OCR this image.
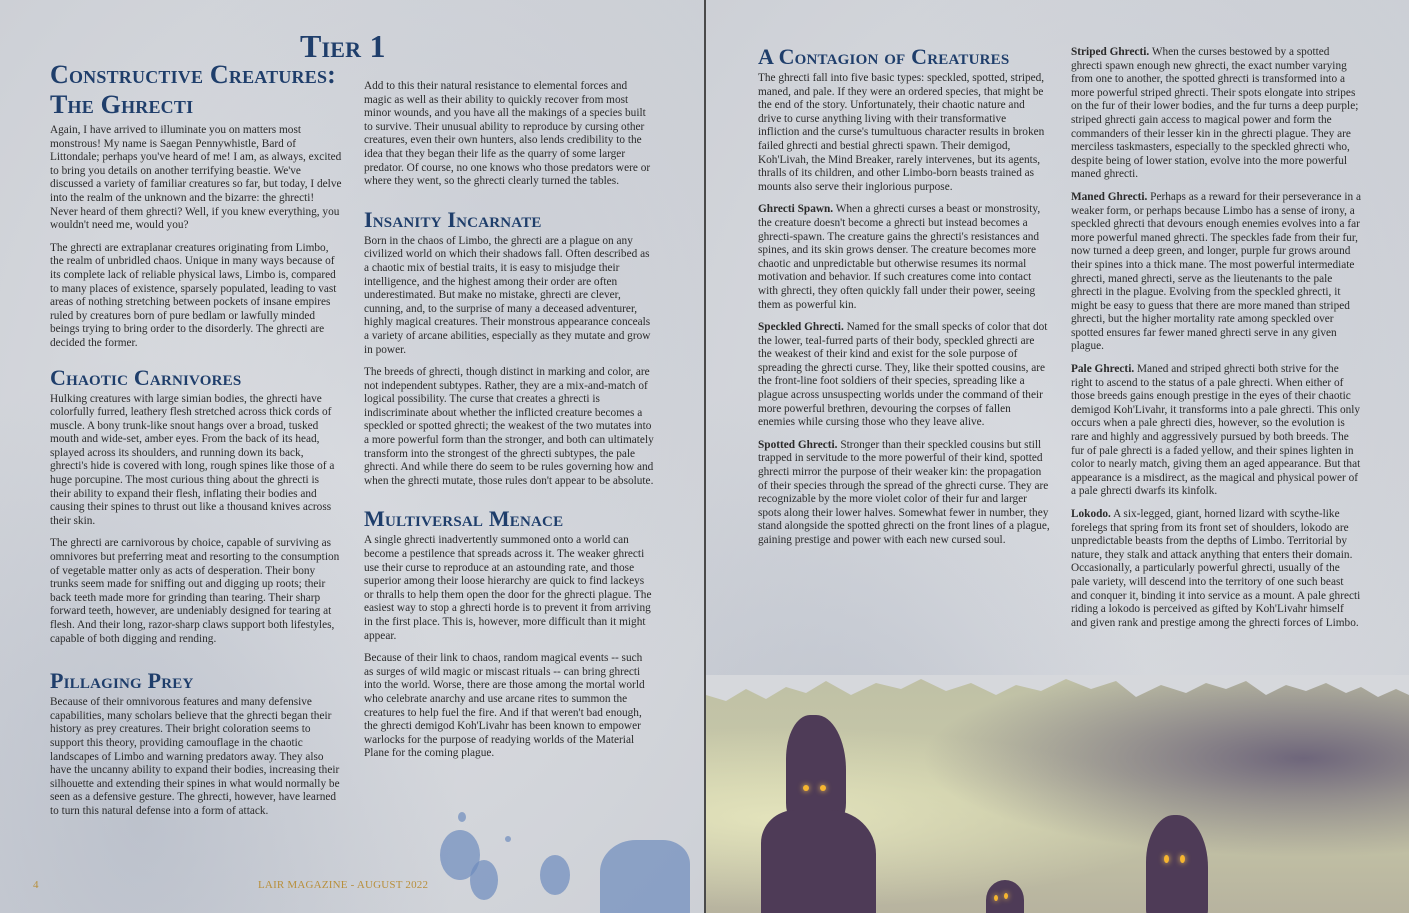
Tier 1
Constructive Creatures: The Ghrecti

Again, I have arrived to illuminate you on matters most monstrous! My name is Saegan Pennywhistle, Bard of Littondale; perhaps you've heard of me! I am, as always, excited to bring you details on another terrifying beastie. We've discussed a variety of familiar creatures so far, but today, I delve into the realm of the unknown and the bizarre: the ghrecti! Never heard of them ghrecti? Well, if you knew everything, you wouldn't need me, would you?

The ghrecti are extraplanar creatures originating from Limbo, the realm of unbridled chaos. Unique in many ways because of its complete lack of reliable physical laws, Limbo is, compared to many places of existence, sparsely populated, leading to vast areas of nothing stretching between pockets of insane empires ruled by creatures born of pure bedlam or lawfully minded beings trying to bring order to the disorderly. The ghrecti are decided the former.

Chaotic Carnivores

Hulking creatures with large simian bodies, the ghrecti have colorfully furred, leathery flesh stretched across thick cords of muscle. A bony trunk-like snout hangs over a broad, tusked mouth and wide-set, amber eyes. From the back of its head, splayed across its shoulders, and running down its back, ghrecti's hide is covered with long, rough spines like those of a huge porcupine. The most curious thing about the ghrecti is their ability to expand their flesh, inflating their bodies and causing their spines to thrust out like a thousand knives across their skin.

The ghrecti are carnivorous by choice, capable of surviving as omnivores but preferring meat and resorting to the consumption of vegetable matter only as acts of desperation. Their bony trunks seem made for sniffing out and digging up roots; their back teeth made more for grinding than tearing. Their sharp forward teeth, however, are undeniably designed for tearing at flesh. And their long, razor-sharp claws support both lifestyles, capable of both digging and rending.

Pillaging Prey

Because of their omnivorous features and many defensive capabilities, many scholars believe that the ghrecti began their history as prey creatures. Their bright coloration seems to support this theory, providing camouflage in the chaotic landscapes of Limbo and warning predators away. They also have the uncanny ability to expand their bodies, increasing their silhouette and extending their spines in what would normally be seen as a defensive gesture. The ghrecti, however, have learned to turn this natural defense into a form of attack.

Add to this their natural resistance to elemental forces and magic as well as their ability to quickly recover from most minor wounds, and you have all the makings of a species built to survive. Their unusual ability to reproduce by cursing other creatures, even their own hunters, also lends credibility to the idea that they began their life as the quarry of some larger predator. Of course, no one knows who those predators were or where they went, so the ghrecti clearly turned the tables.

Insanity Incarnate

Born in the chaos of Limbo, the ghrecti are a plague on any civilized world on which their shadows fall. Often described as a chaotic mix of bestial traits, it is easy to misjudge their intelligence, and the highest among their order are often underestimated. But make no mistake, ghrecti are clever, cunning, and, to the surprise of many a deceased adventurer, highly magical creatures. Their monstrous appearance conceals a variety of arcane abilities, especially as they mutate and grow in power.

The breeds of ghrecti, though distinct in marking and color, are not independent subtypes. Rather, they are a mix-and-match of logical possibility. The curse that creates a ghrecti is indiscriminate about whether the inflicted creature becomes a speckled or spotted ghrecti; the weakest of the two mutates into a more powerful form than the stronger, and both can ultimately transform into the strongest of the ghrecti subtypes, the pale ghrecti. And while there do seem to be rules governing how and when the ghrecti mutate, those rules don't appear to be absolute.

Multiversal Menace

A single ghrecti inadvertently summoned onto a world can become a pestilence that spreads across it. The weaker ghrecti use their curse to reproduce at an astounding rate, and those superior among their loose hierarchy are quick to find lackeys or thralls to help them open the door for the ghrecti plague. The easiest way to stop a ghrecti horde is to prevent it from arriving in the first place. This is, however, more difficult than it might appear.

Because of their link to chaos, random magical events -- such as surges of wild magic or miscast rituals -- can bring ghrecti into the world. Worse, there are those among the mortal world who celebrate anarchy and use arcane rites to summon the creatures to help fuel the fire. And if that weren't bad enough, the ghrecti demigod Koh'Livahr has been known to empower warlocks for the purpose of readying worlds of the Material Plane for the coming plague.

4	LAIR MAGAZINE - AUGUST 2022
A Contagion of Creatures

The ghrecti fall into five basic types: speckled, spotted, striped, maned, and pale. If they were an ordered species, that might be the end of the story. Unfortunately, their chaotic nature and drive to curse anything living with their transformative infliction and the curse's tumultuous character results in broken failed ghrecti and bestial ghrecti spawn. Their demigod, Koh'Livah, the Mind Breaker, rarely intervenes, but its agents, thralls of its children, and other Limbo-born beasts trained as mounts also serve their inglorious purpose.

Ghrecti Spawn. When a ghrecti curses a beast or monstrosity, the creature doesn't become a ghrecti but instead becomes a ghrecti-spawn. The creature gains the ghrecti's resistances and spines, and its skin grows denser. The creature becomes more chaotic and unpredictable but otherwise resumes its normal motivation and behavior. If such creatures come into contact with ghrecti, they often quickly fall under their power, seeing them as powerful kin.

Speckled Ghrecti. Named for the small specks of color that dot the lower, teal-furred parts of their body, speckled ghrecti are the weakest of their kind and exist for the sole purpose of spreading the ghrecti curse. They, like their spotted cousins, are the front-line foot soldiers of their species, spreading like a plague across unsuspecting worlds under the command of their more powerful brethren, devouring the corpses of fallen enemies while cursing those who they leave alive.

Spotted Ghrecti. Stronger than their speckled cousins but still trapped in servitude to the more powerful of their kind, spotted ghrecti mirror the purpose of their weaker kin: the propagation of their species through the spread of the ghrecti curse. They are recognizable by the more violet color of their fur and larger spots along their lower halves. Somewhat fewer in number, they stand alongside the spotted ghrecti on the front lines of a plague, gaining prestige and power with each new cursed soul.

Striped Ghrecti. When the curses bestowed by a spotted ghrecti spawn enough new ghrecti, the exact number varying from one to another, the spotted ghrecti is transformed into a more powerful striped ghrecti. Their spots elongate into stripes on the fur of their lower bodies, and the fur turns a deep purple; striped ghrecti gain access to magical power and form the commanders of their lesser kin in the ghrecti plague. They are merciless taskmasters, especially to the speckled ghrecti who, despite being of lower station, evolve into the more powerful maned ghrecti.

Maned Ghrecti. Perhaps as a reward for their perseverance in a weaker form, or perhaps because Limbo has a sense of irony, a speckled ghrecti that devours enough enemies evolves into a far more powerful maned ghrecti. The speckles fade from their fur, now turned a deep green, and longer, purple fur grows around their spines into a thick mane. The most powerful intermediate ghrecti, maned ghrecti, serve as the lieutenants to the pale ghrecti in the plague. Evolving from the speckled ghrecti, it might be easy to guess that there are more maned than striped ghrecti, but the higher mortality rate among speckled over spotted ensures far fewer maned ghrecti serve in any given plague.

Pale Ghrecti. Maned and striped ghrecti both strive for the right to ascend to the status of a pale ghrecti. When either of those breeds gains enough prestige in the eyes of their chaotic demigod Koh'Livahr, it transforms into a pale ghrecti. This only occurs when a pale ghrecti dies, however, so the evolution is rare and highly and aggressively pursued by both breeds. The fur of pale ghrecti is a faded yellow, and their spines lighten in color to nearly match, giving them an aged appearance. But that appearance is a misdirect, as the magical and physical power of a pale ghrecti dwarfs its kinfolk.

Lokodo. A six-legged, giant, horned lizard with scythe-like forelegs that spring from its front set of shoulders, lokodo are unpredictable beasts from the depths of Limbo. Territorial by nature, they stalk and attack anything that enters their domain. Occasionally, a particularly powerful ghrecti, usually of the pale variety, will descend into the territory of one such beast and conquer it, binding it into service as a mount. A pale ghrecti riding a lokodo is perceived as gifted by Koh'Livahr himself and given rank and prestige among the ghrecti forces of Limbo.
